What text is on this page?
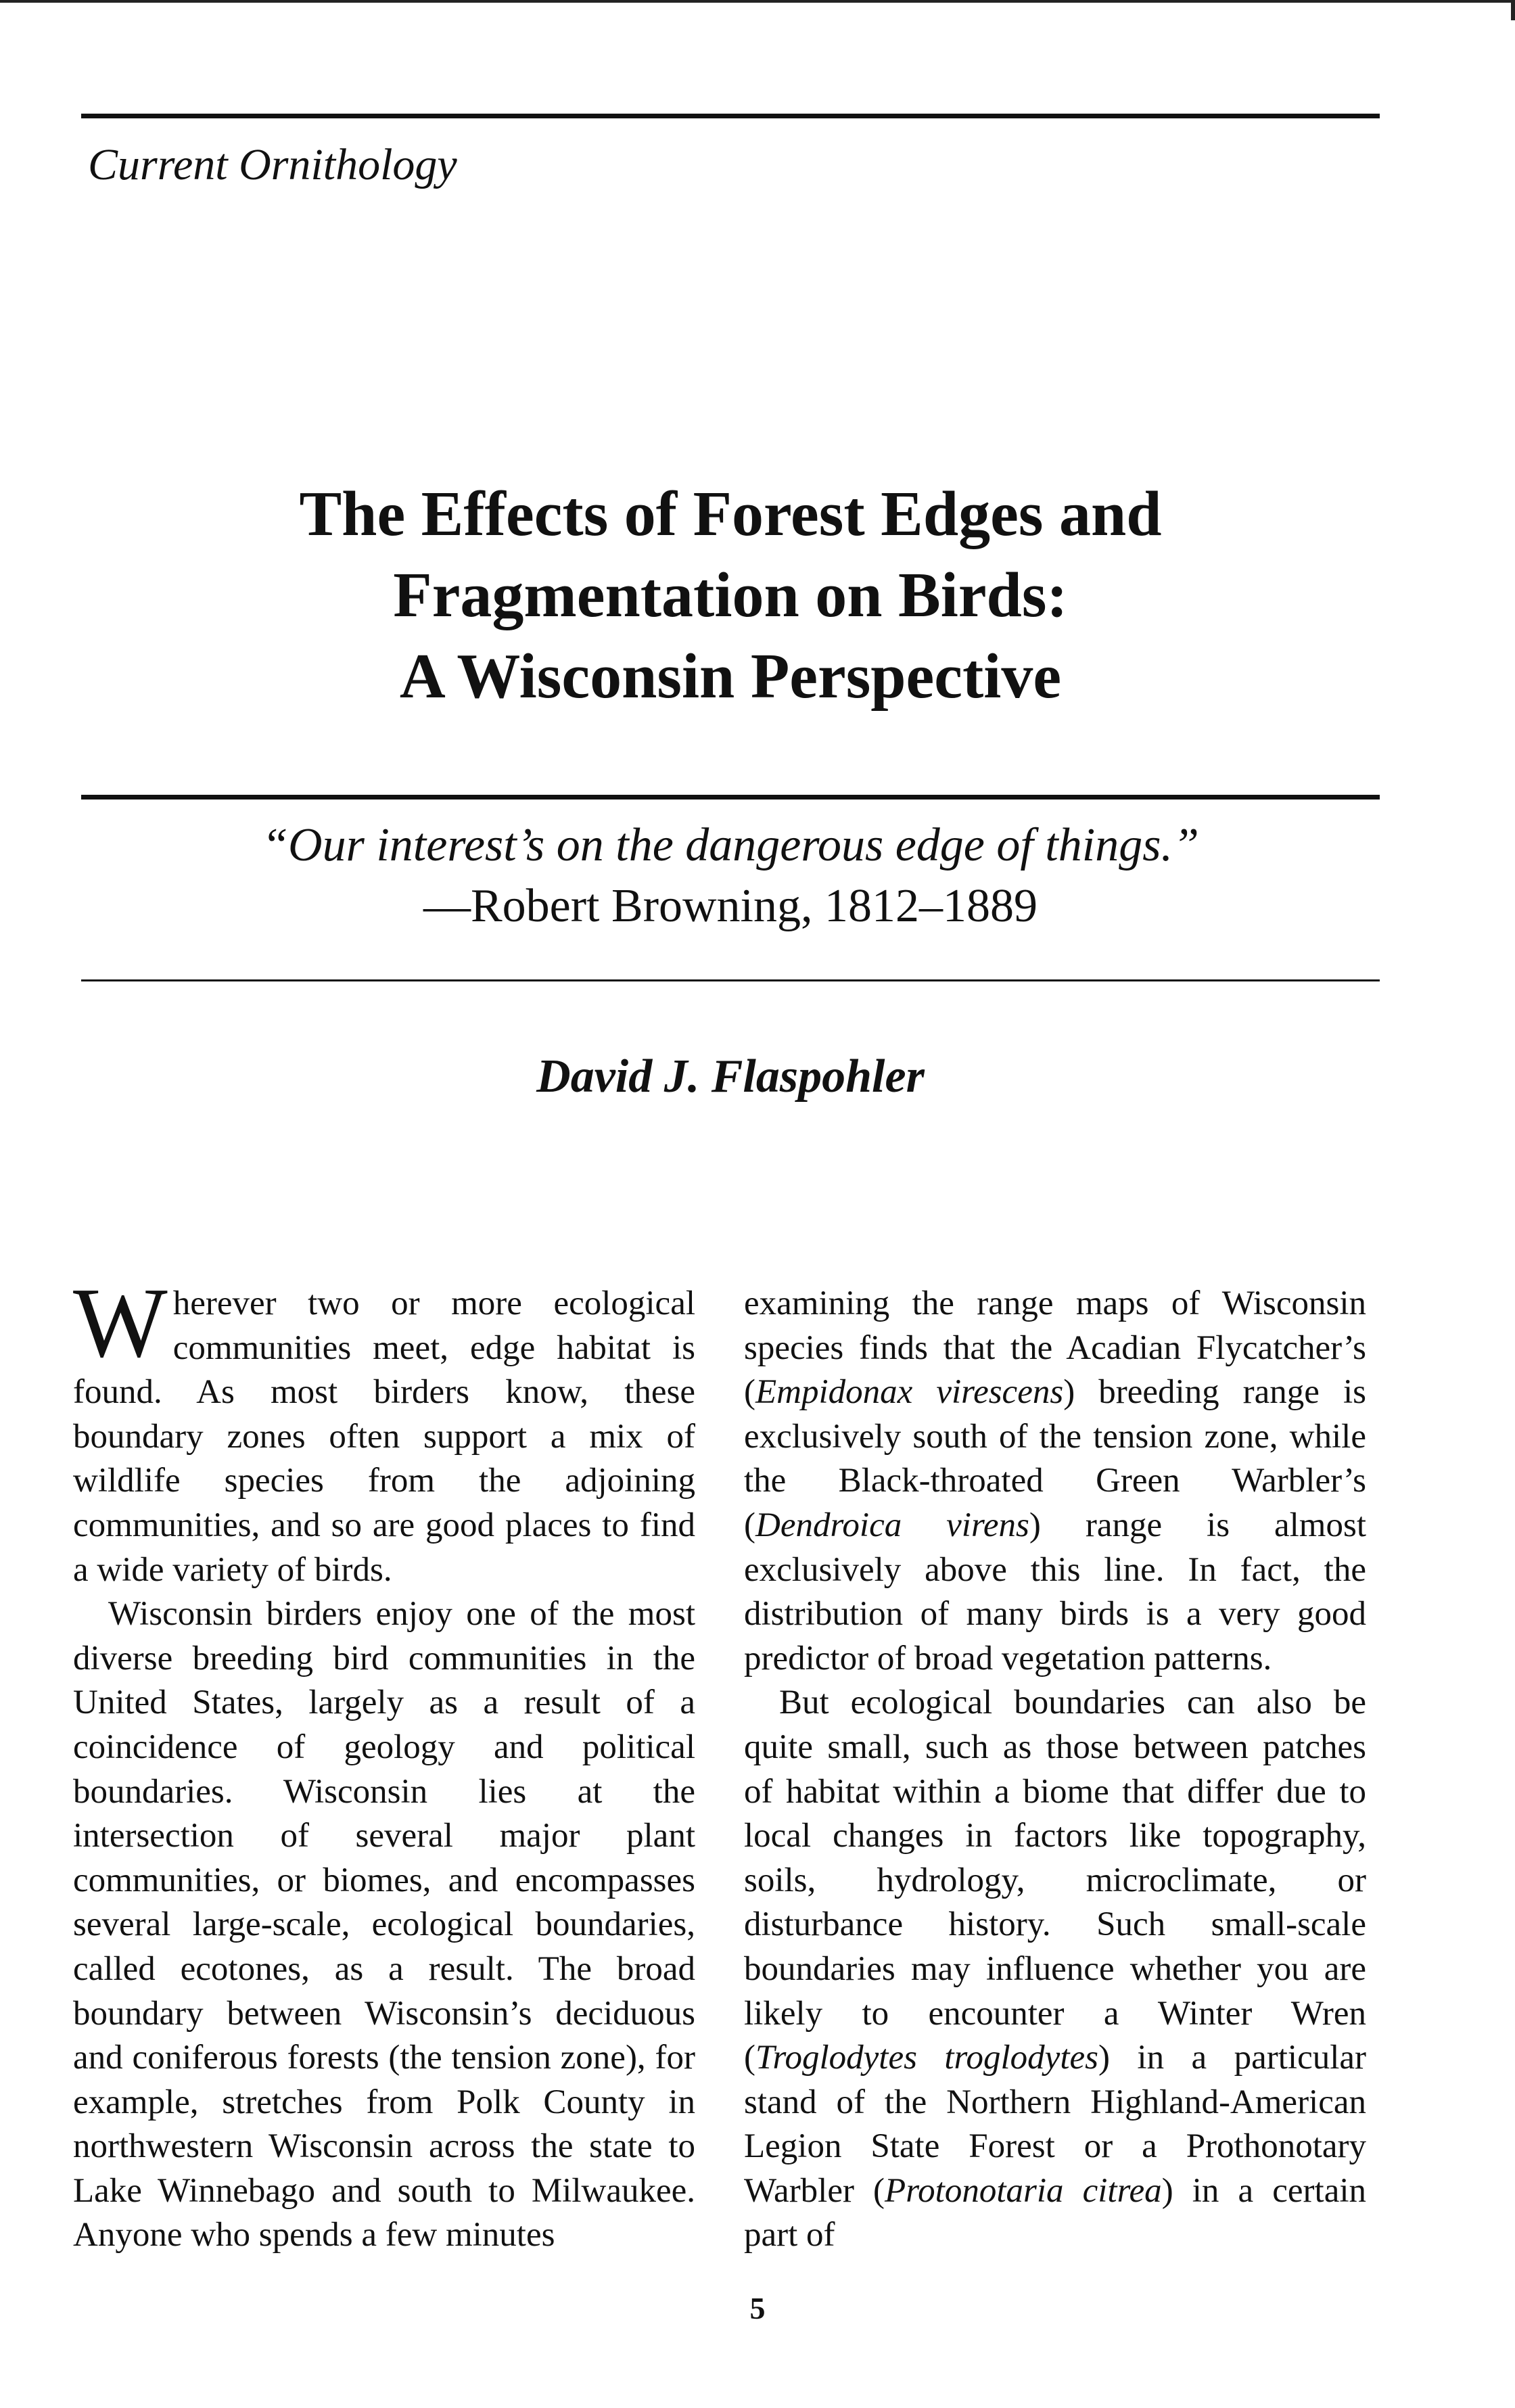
Current Ornithology
The Effects of Forest Edges and
Fragmentation on Birds:
A Wisconsin Perspective
“Our interest’s on the dangerous edge of things.”
—Robert Browning, 1812–1889
David J. Flaspohler

Wherever two or more ecological communities meet, edge habitat is found. As most birders know, these boundary zones often support a mix of wildlife species from the adjoining communities, and so are good places to find a wide variety of birds.

Wisconsin birders enjoy one of the most diverse breeding bird communities in the United States, largely as a result of a coincidence of geology and political boundaries. Wisconsin lies at the intersection of several major plant communities, or biomes, and encompasses several large-scale, ecological boundaries, called ecotones, as a result. The broad boundary between Wisconsin’s deciduous and coniferous forests (the tension zone), for example, stretches from Polk County in northwestern Wisconsin across the state to Lake Winnebago and south to Milwaukee. Anyone who spends a few minutes

examining the range maps of Wisconsin species finds that the Acadian Flycatcher’s (Empidonax virescens) breeding range is exclusively south of the tension zone, while the Black-throated Green Warbler’s (Dendroica virens) range is almost exclusively above this line. In fact, the distribution of many birds is a very good predictor of broad vegetation patterns.

But ecological boundaries can also be quite small, such as those between patches of habitat within a biome that differ due to local changes in factors like topography, soils, hydrology, microclimate, or disturbance history. Such small-scale boundaries may influence whether you are likely to encounter a Winter Wren (Troglodytes troglodytes) in a particular stand of the Northern Highland-American Legion State Forest or a Prothonotary Warbler (Protonotaria citrea) in a certain part of

5
